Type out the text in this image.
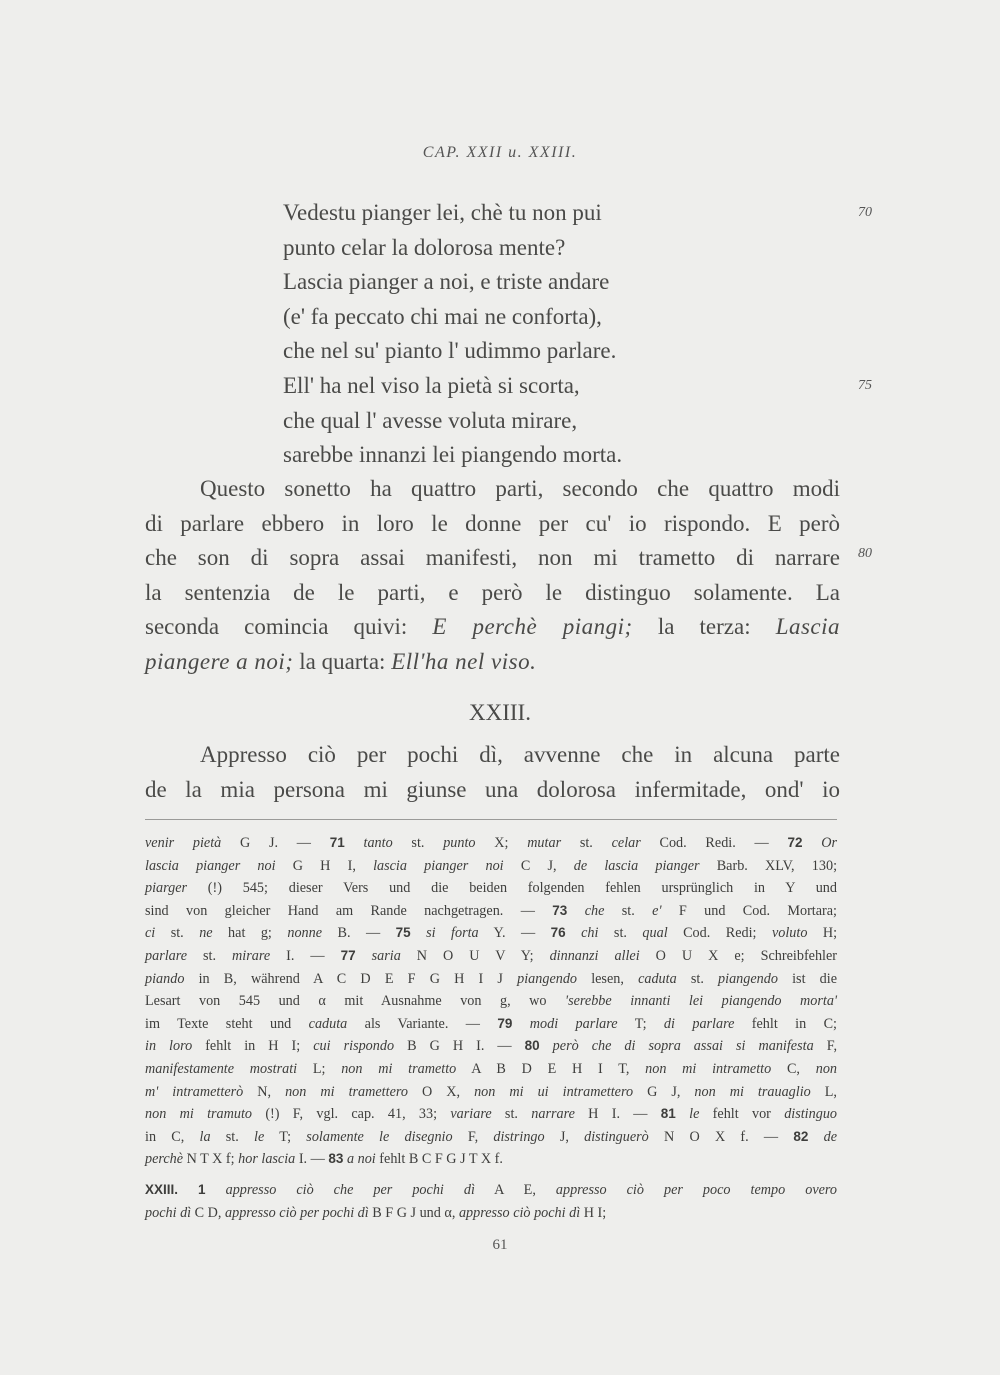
CAP. XXII u. XXIII.
Vedestu pianger lei, chè tu non pui
punto celar la dolorosa mente?
Lascia pianger a noi, e triste andare
(e' fa peccato chi mai ne conforta),
che nel su' pianto l' udimmo parlare.
Ell' ha nel viso la pietà si scorta,
che qual l' avesse voluta mirare,
sarebbe innanzi lei piangendo morta.
70
75
80
Questo sonetto ha quattro parti, secondo che quattro modi
di parlare ebbero in loro le donne per cu' io rispondo. E però
che son di sopra assai manifesti, non mi trametto di narrare
la sentenzia de le parti, e però le distinguo solamente. La
seconda comincia quivi: E perchè piangi; la terza: Lascia
piangere a noi; la quarta: Ell'ha nel viso.
XXIII.
Appresso ciò per pochi dì, avvenne che in alcuna parte
de la mia persona mi giunse una dolorosa infermitade, ond' io
venir pietà G J. — 71 tanto st. punto X; mutar st. celar Cod. Redi. — 72 Or
lascia pianger noi G H I, lascia pianger noi C J, de lascia pianger Barb. XLV, 130;
piarger (!) 545; dieser Vers und die beiden folgenden fehlen ursprünglich in Y und
sind von gleicher Hand am Rande nachgetragen. — 73 che st. e' F und Cod. Mortara;
ci st. ne hat g; nonne B. — 75 si forta Y. — 76 chi st. qual Cod. Redi; voluto H;
parlare st. mirare I. — 77 saria N O U V Y; dinnanzi allei O U X e; Schreibfehler
piando in B, während A C D E F G H I J piangendo lesen, caduta st. piangendo ist die
Lesart von 545 und α mit Ausnahme von g, wo 'serebbe innanti lei piangendo morta'
im Texte steht und caduta als Variante. — 79 modi parlare T; di parlare fehlt in C;
in loro fehlt in H I; cui rispondo B G H I. — 80 però che di sopra assai si manifesta F,
manifestamente mostrati L; non mi trametto A B D E H I T, non mi intrametto C, non
m' intrametterò N, non mi tramettero O X, non mi ui intramettero G J, non mi trauaglio L,
non mi tramuto (!) F, vgl. cap. 41, 33; variare st. narrare H I. — 81 le fehlt vor distinguo
in C, la st. le T; solamente le disegnio F, distringo J, distinguerò N O X f. — 82 de
perchè N T X f; hor lascia I. — 83 a noi fehlt B C F G J T X f.
XXIII. 1 appresso ciò che per pochi dì A E, appresso ciò per poco tempo overo
pochi dì C D, appresso ciò per pochi dì B F G J und α, appresso ciò pochi dì H I;
61
